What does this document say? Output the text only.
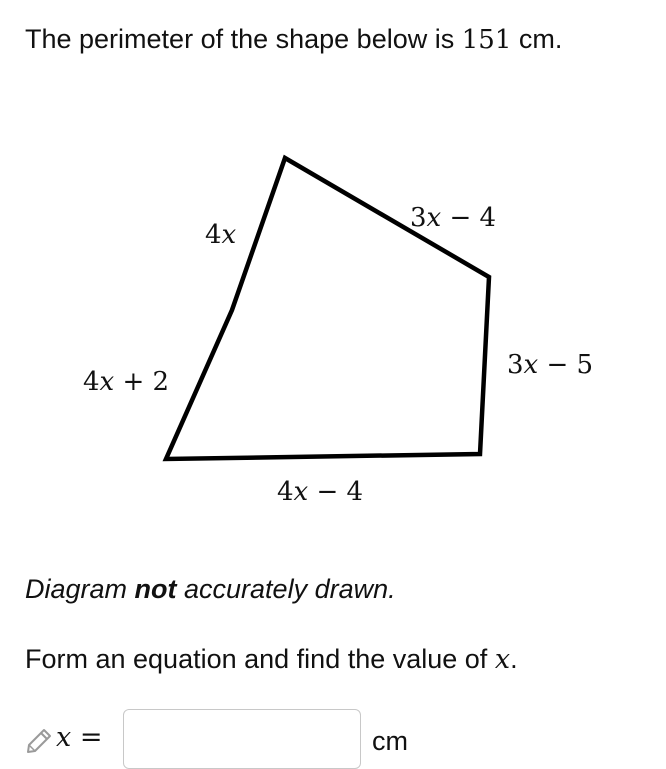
The perimeter of the shape below is 151 cm.
4x
3x − 4
4x + 2
3x − 5
4x − 4
Diagram not accurately drawn.
Form an equation and find the value of x.
x =	cm
